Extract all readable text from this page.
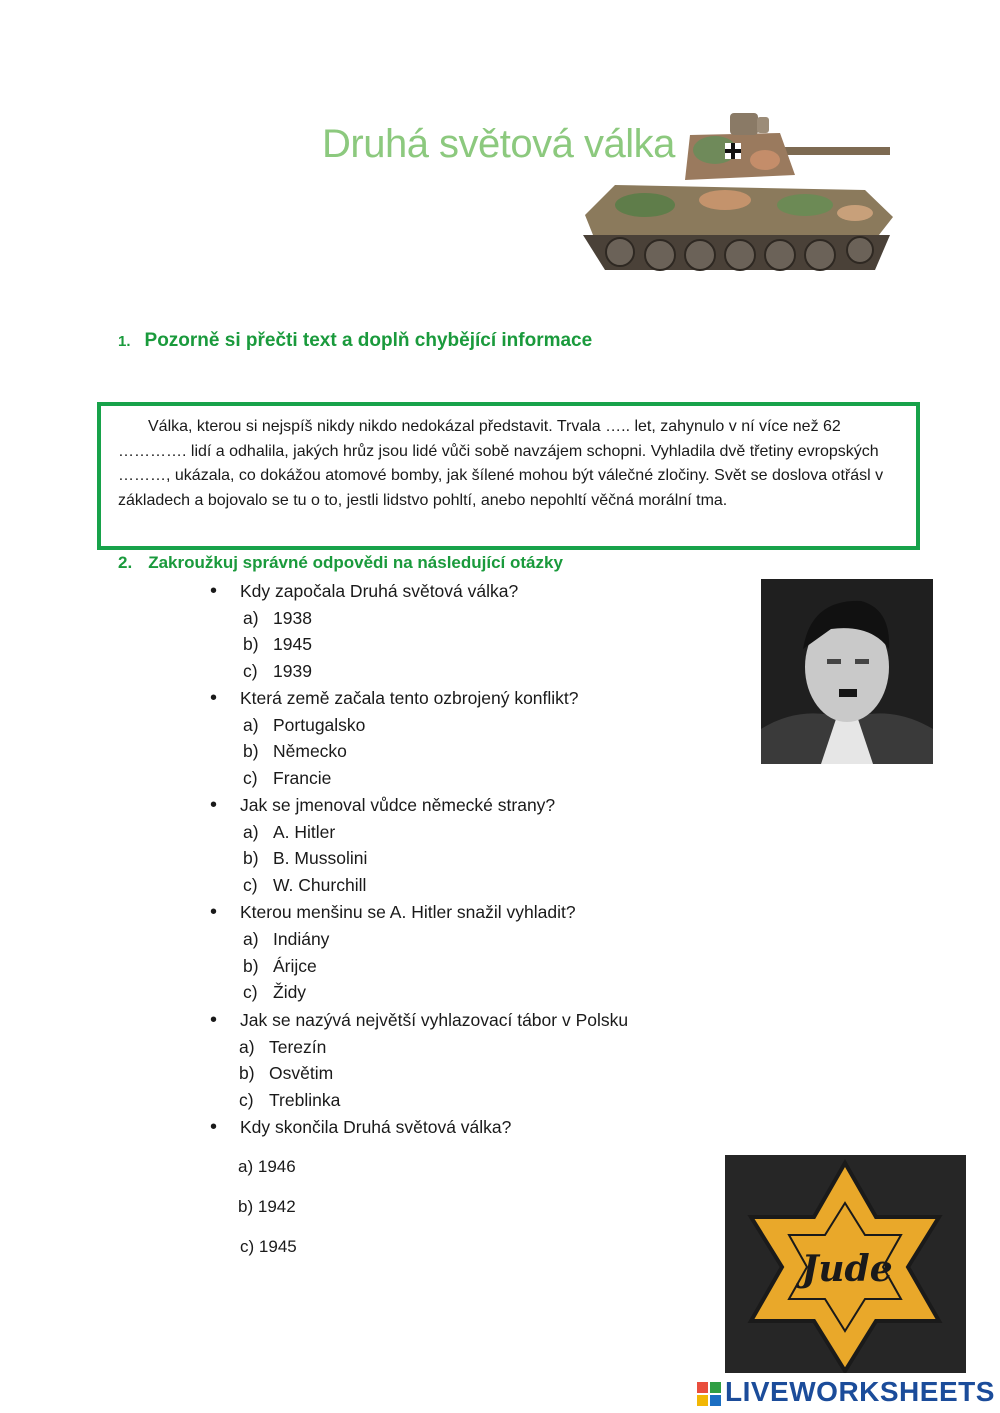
Druhá světová válka
1. Pozorně si přečti text a doplň chybějící informace

Válka, kterou si nejspíš nikdy nikdo nedokázal představit. Trvala ….. let, zahynulo v ní více než 62 …………. lidí a odhalila, jakých hrůz jsou lidé vůči sobě navzájem schopni. Vyhladila dvě třetiny evropských ………, ukázala, co dokážou atomové bomby, jak šílené mohou být válečné zločiny. Svět se doslova otřásl v základech a bojovalo se tu o to, jestli lidstvo pohltí, anebo nepohltí věčná morální tma.

2. Zakroužkuj správné odpovědi na následující otázky
• Kdy započala Druhá světová válka?
a) 1938
b) 1945
c) 1939
• Která země začala tento ozbrojený konflikt?
a) Portugalsko
b) Německo
c) Francie
• Jak se jmenoval vůdce německé strany?
a) A. Hitler
b) B. Mussolini
c) W. Churchill
• Kterou menšinu se A. Hitler snažil vyhladit?
a) Indiány
b) Árijce
c) Židy
• Jak se nazývá největší vyhlazovací tábor v Polsku
a) Terezín
b) Osvětim
c) Treblinka
• Kdy skončila Druhá světová válka?
a) 1946
b) 1942
c) 1945
Jude
LIVEWORKSHEETS
